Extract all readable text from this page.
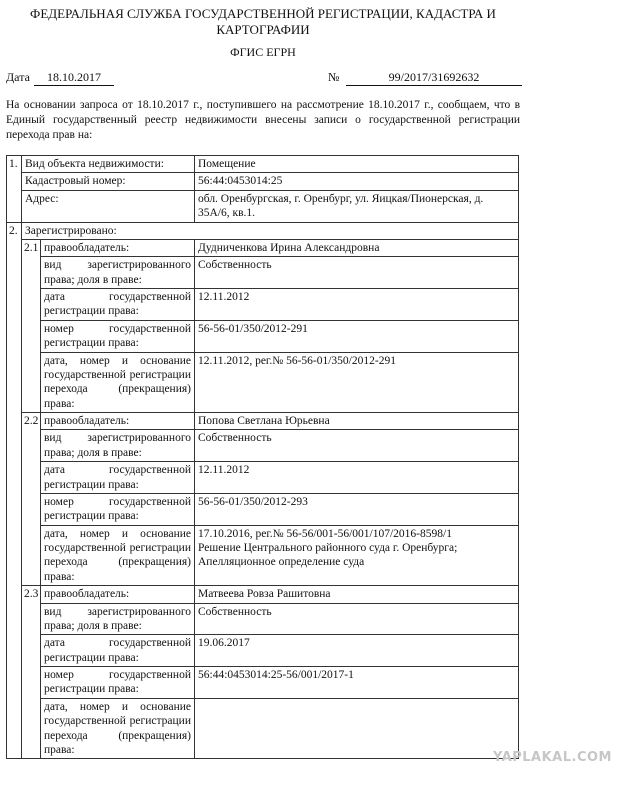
ФЕДЕРАЛЬНАЯ СЛУЖБА ГОСУДАРСТВЕННОЙ РЕГИСТРАЦИИ, КАДАСТРА И
КАРТОГРАФИИ

ФГИС ЕГРН

Дата	18.10.2017	№	99/2017/31692632

На основании запроса от 18.10.2017 г., поступившего на рассмотрение 18.10.2017 г., сообщаем, что в Единый государственный реестр недвижимости внесены записи о государственной регистрации перехода прав на:

1.	Вид объекта недвижимости:		Помещение
	Кадастровый номер:		56:44:0453014:25
	Адрес:		обл. Оренбургская, г. Оренбург, ул. Яицкая/Пионерская, д. 35А/6, кв.1.
2.	Зарегистрировано:		
	2.1	правообладатель:	Дудниченкова Ирина Александровна
		вид зарегистрированного права; доля в праве:	Собственность
		дата государственной регистрации права:	12.11.2012
		номер государственной регистрации права:	56-56-01/350/2012-291
		дата, номер и основание государственной регистрации перехода (прекращения) права:	12.11.2012, рег.№ 56-56-01/350/2012-291

	2.2	правообладатель:	Попова Светлана Юрьевна
		вид зарегистрированного права; доля в праве:	Собственность
		дата государственной регистрации права:	12.11.2012
		номер государственной регистрации права:	56-56-01/350/2012-293
		дата, номер и основание государственной регистрации перехода (прекращения) права:	17.10.2016, рег.№ 56-56/001-56/001/107/2016-8598/1
Решение Центрального районного суда г. Оренбурга;
Апелляционное определение суда

	2.3	правообладатель:	Матвеева Ровза Рашитовна
		вид зарегистрированного права; доля в праве:	Собственность
		дата государственной регистрации права:	19.06.2017
		номер государственной регистрации права:	56:44:0453014:25-56/001/2017-1
		дата, номер и основание государственной регистрации перехода (прекращения) права:	
YAPLAKAL.COM
